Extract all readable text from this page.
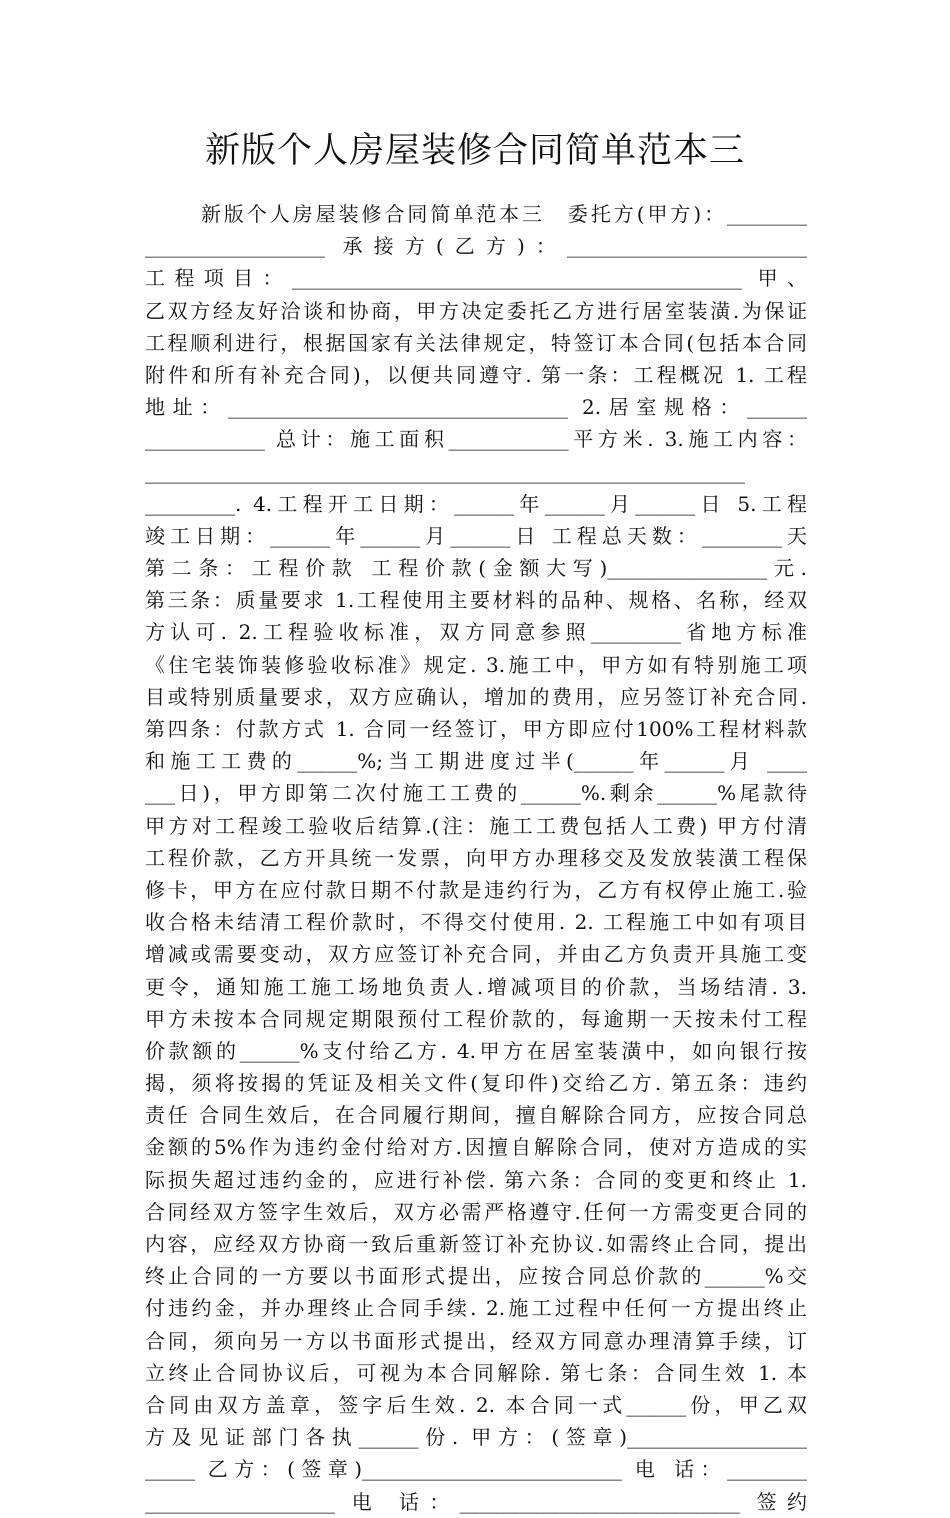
新版个人房屋装修合同简单范本三
新版个人房屋装修合同简单范本三　委托方(甲方)：________
__________________ 承接方(乙方)：________________________
工程项目：_____________________________________________ 甲、
乙双方经友好洽谈和协商，甲方决定委托乙方进行居室装潢.为保证
工程顺利进行，根据国家有关法律规定，特签订本合同(包括本合同
附件和所有补充合同)，以便共同遵守. 第一条：工程概况 1. 工程
地址：__________________________________ 2.居室规格：______
____________ 总计：施工面积____________平方米. 3.施工内容：
____________________________________________________________
_________. 4.工程开工日期：______年______月______日 5.工程
竣工日期：______年______月______日 工程总天数：________天
第二条：工程价款 工程价款(金额大写)________________元.
第三条：质量要求 1.工程使用主要材料的品种、规格、名称，经双
方认可. 2.工程验收标准，双方同意参照_________省地方标准
《住宅装饰装修验收标准》规定. 3.施工中，甲方如有特别施工项
目或特别质量要求，双方应确认，增加的费用，应另签订补充合同.
第四条：付款方式 1. 合同一经签订，甲方即应付100%工程材料款
和施工工费的______%;当工期进度过半(______年______月 ____
___日)，甲方即第二次付施工工费的______%.剩余______%尾款待
甲方对工程竣工验收后结算.(注：施工工费包括人工费) 甲方付清
工程价款，乙方开具统一发票，向甲方办理移交及发放装潢工程保
修卡，甲方在应付款日期不付款是违约行为，乙方有权停止施工.验
收合格未结清工程价款时，不得交付使用. 2. 工程施工中如有项目
增减或需要变动，双方应签订补充合同，并由乙方负责开具施工变
更令，通知施工施工场地负责人.增减项目的价款，当场结清. 3.
甲方未按本合同规定期限预付工程价款的，每逾期一天按未付工程
价款额的______%支付给乙方. 4.甲方在居室装潢中，如向银行按
揭，须将按揭的凭证及相关文件(复印件)交给乙方. 第五条：违约
责任 合同生效后，在合同履行期间，擅自解除合同方，应按合同总
金额的5%作为违约金付给对方.因擅自解除合同，使对方造成的实
际损失超过违约金的，应进行补偿. 第六条：合同的变更和终止 1.
合同经双方签字生效后，双方必需严格遵守.任何一方需变更合同的
内容，应经双方协商一致后重新签订补充协议.如需终止合同，提出
终止合同的一方要以书面形式提出，应按合同总价款的______%交
付违约金，并办理终止合同手续. 2.施工过程中任何一方提出终止
合同，须向另一方以书面形式提出，经双方同意办理清算手续，订
立终止合同协议后，可视为本合同解除. 第七条：合同生效 1. 本
合同由双方盖章，签字后生效. 2. 本合同一式______份，甲乙双
方及见证部门各执______份. 甲方：(签章)__________________
_____ 乙方：(签章)__________________________ 电 话：________
___________________ 电 话：____________________________ 签约
